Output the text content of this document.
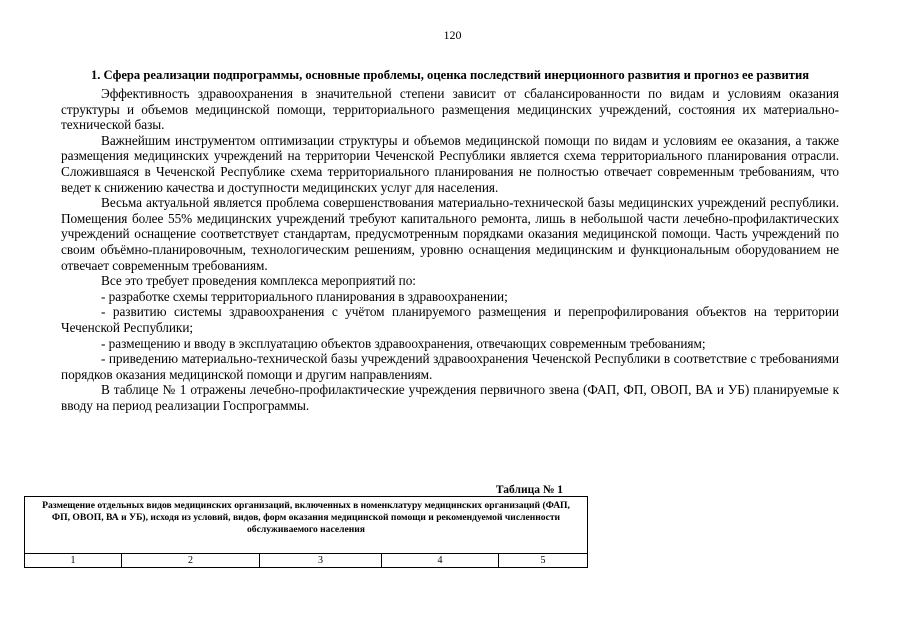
120
1. Сфера реализации подпрограммы, основные проблемы, оценка последствий инерционного развития и прогноз ее развития

Эффективность здравоохранения в значительной степени зависит от сбалансированности по видам и условиям оказания структуры и объемов медицинской помощи, территориального размещения медицинских учреждений, состояния их материально-технической базы.

Важнейшим инструментом оптимизации структуры и объемов медицинской помощи по видам и условиям ее оказания, а также размещения медицинских учреждений на территории Чеченской Республики является схема территориального планирования отрасли. Сложившаяся в Чеченской Республике схема территориального планирования не полностью отвечает современным требованиям, что ведет к снижению качества и доступности медицинских услуг для населения.

Весьма актуальной является проблема совершенствования материально-технической базы медицинских учреждений республики. Помещения более 55% медицинских учреждений требуют капитального ремонта, лишь в небольшой части лечебно-профилактических учреждений оснащение соответствует стандартам, предусмотренным порядками оказания медицинской помощи. Часть учреждений по своим объёмно-планировочным, технологическим решениям, уровню оснащения медицинским и функциональным оборудованием не отвечает современным требованиям.

Все это требует проведения комплекса мероприятий по:

- разработке схемы территориального планирования в здравоохранении;

- развитию системы здравоохранения с учётом планируемого размещения и перепрофилирования объектов на территории Чеченской Республики;

- размещению и вводу в эксплуатацию объектов здравоохранения, отвечающих современным требованиям;

- приведению материально-технической базы учреждений здравоохранения Чеченской Республики в соответствие с требованиями порядков оказания медицинской помощи и другим направлениям.

В таблице № 1 отражены лечебно-профилактические учреждения первичного звена (ФАП, ФП, ОВОП, ВА и УБ) планируемые к вводу на период реализации Госпрограммы.

Таблица № 1
Размещение отдельных видов медицинских организаций, включенных в номенклатуру медицинских организаций (ФАП, ФП, ОВОП, ВА и УБ), исходя из условий, видов, форм оказания медицинской помощи и рекомендуемой численности обслуживаемого населения
1	2	3	4	5
